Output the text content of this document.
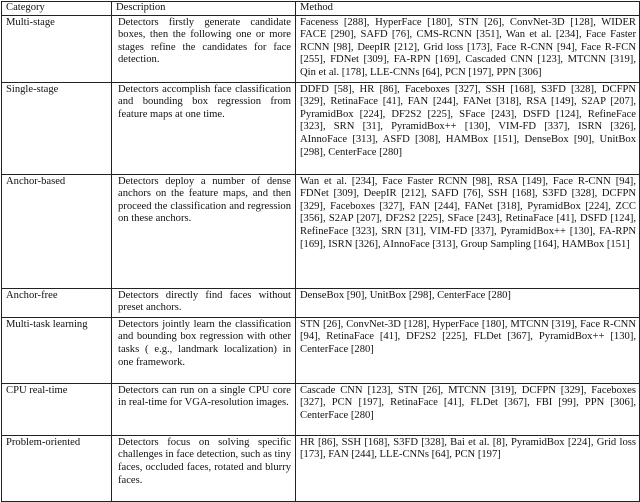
Category	Description	Method
Multi-stage	Detectors firstly generate candidate boxes, then the following one or more stages refine the candidates for face detection.	Faceness [288], HyperFace [180], STN [26], ConvNet-3D [128], WIDER FACE [290], SAFD [76], CMS-RCNN [351], Wan et al. [234], Face Faster RCNN [98], DeepIR [212], Grid loss [173], Face R-CNN [94], Face R-FCN [255], FDNet [309], FA-RPN [169], Cascaded CNN [123], MTCNN [319], Qin et al. [178], LLE-CNNs [64], PCN [197], PPN [306]
Single-stage	Detectors accomplish face classification and bounding box regression from feature maps at one time.	DDFD [58], HR [86], Faceboxes [327], SSH [168], S3FD [328], DCFPN [329], RetinaFace [41], FAN [244], FANet [318], RSA [149], S2AP [207], PyramidBox [224], DF2S2 [225], SFace [243], DSFD [124], RefineFace [323], SRN [31], PyramidBox++ [130], VIM-FD [337], ISRN [326], AInnoFace [313], ASFD [308], HAMBox [151], DenseBox [90], UnitBox [298], CenterFace [280]
Anchor-based	Detectors deploy a number of dense anchors on the feature maps, and then proceed the classification and regression on these anchors.	Wan et al. [234], Face Faster RCNN [98], RSA [149], Face R-CNN [94], FDNet [309], DeepIR [212], SAFD [76], SSH [168], S3FD [328], DCFPN [329], Faceboxes [327], FAN [244], FANet [318], PyramidBox [224], ZCC [356], S2AP [207], DF2S2 [225], SFace [243], RetinaFace [41], DSFD [124], RefineFace [323], SRN [31], VIM-FD [337], PyramidBox++ [130], FA-RPN [169], ISRN [326], AInnoFace [313], Group Sampling [164], HAMBox [151]
Anchor-free	Detectors directly find faces without preset anchors.	DenseBox [90], UnitBox [298], CenterFace [280]
Multi-task learning	Detectors jointly learn the classification and bounding box regression with other tasks ( e.g., landmark localization) in one framework.	STN [26], ConvNet-3D [128], HyperFace [180], MTCNN [319], Face R-CNN [94], RetinaFace [41], DF2S2 [225], FLDet [367], PyramidBox++ [130], CenterFace [280]
CPU real-time	Detectors can run on a single CPU core in real-time for VGA-resolution images.	Cascade CNN [123], STN [26], MTCNN [319], DCFPN [329], Faceboxes [327], PCN [197], RetinaFace [41], FLDet [367], FBI [99], PPN [306], CenterFace [280]
Problem-oriented	Detectors focus on solving specific challenges in face detection, such as tiny faces, occluded faces, rotated and blurry faces.	HR [86], SSH [168], S3FD [328], Bai et al. [8], PyramidBox [224], Grid loss [173], FAN [244], LLE-CNNs [64], PCN [197]
